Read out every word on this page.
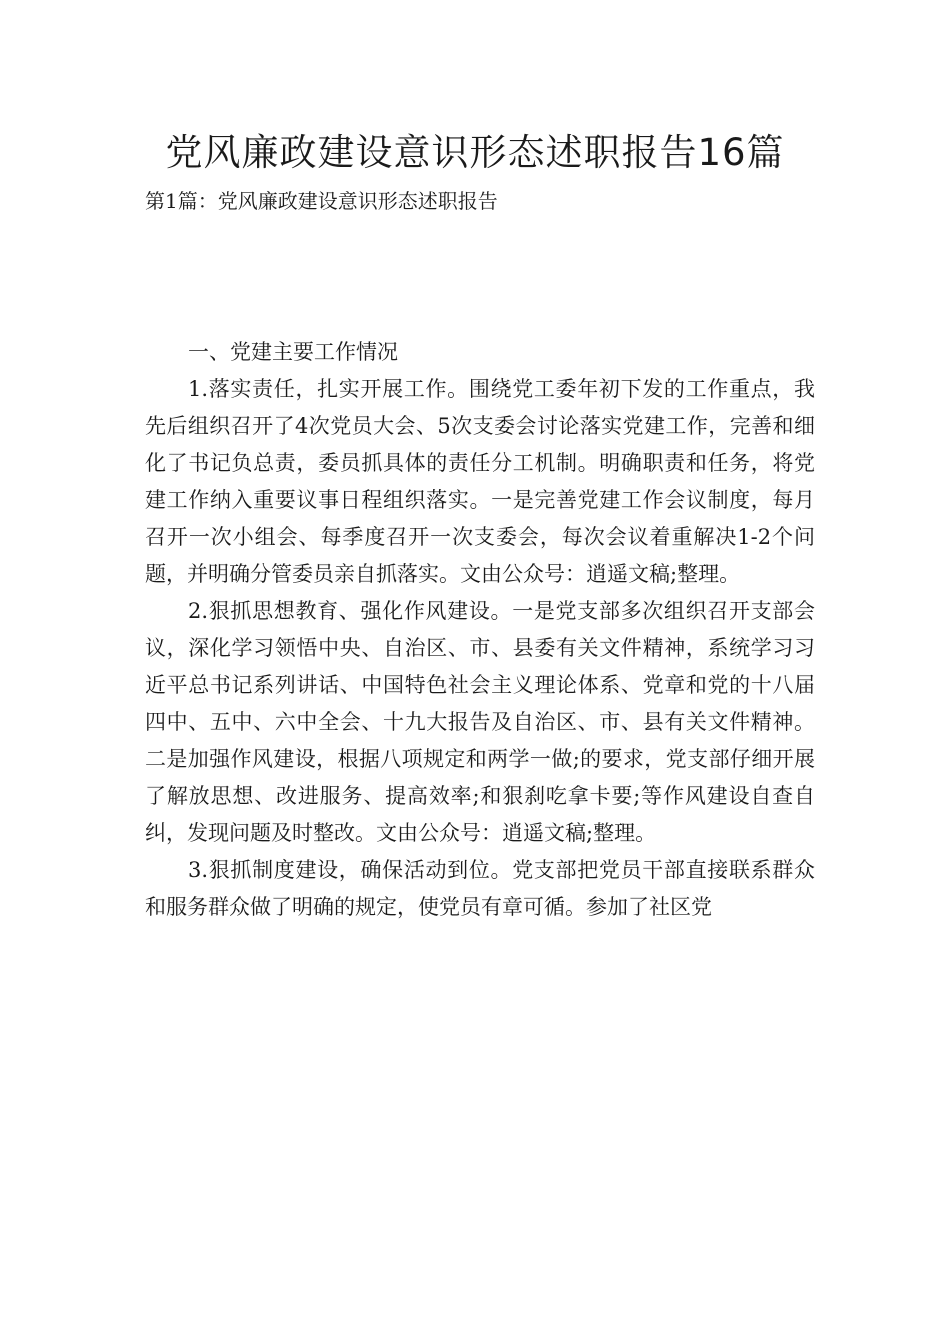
党风廉政建设意识形态述职报告16篇
第1篇：党风廉政建设意识形态述职报告

一、党建主要工作情况

1.落实责任，扎实开展工作。围绕党工委年初下发的工作重点，我先后组织召开了4次党员大会、5次支委会讨论落实党建工作，完善和细化了书记负总责，委员抓具体的责任分工机制。明确职责和任务，将党建工作纳入重要议事日程组织落实。一是完善党建工作会议制度，每月召开一次小组会、每季度召开一次支委会，每次会议着重解决1-2个问题，并明确分管委员亲自抓落实。文由公众号：逍遥文稿;整理。

2.狠抓思想教育、强化作风建设。一是党支部多次组织召开支部会议，深化学习领悟中央、自治区、市、县委有关文件精神，系统学习习近平总书记系列讲话、中国特色社会主义理论体系、党章和党的十八届四中、五中、六中全会、十九大报告及自治区、市、县有关文件精神。二是加强作风建设，根据八项规定和两学一做;的要求，党支部仔细开展了解放思想、改进服务、提高效率;和狠刹吃拿卡要;等作风建设自查自纠，发现问题及时整改。文由公众号：逍遥文稿;整理。

3.狠抓制度建设，确保活动到位。党支部把党员干部直接联系群众和服务群众做了明确的规定，使党员有章可循。参加了社区党
